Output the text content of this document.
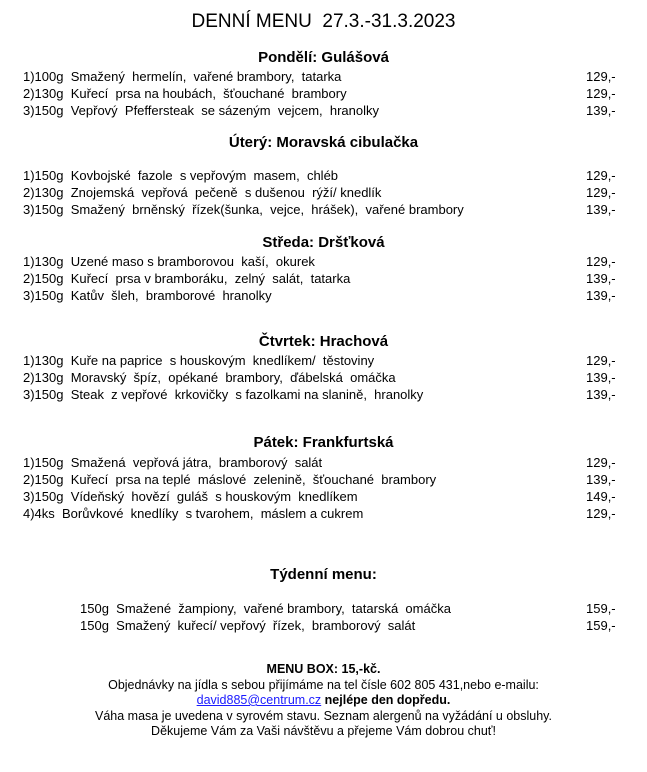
DENNÍ MENU  27.3.-31.3.2023
Pondělí: Gulášová
1)100g  Smažený  hermelín,  vařené brambory,  tatarka	129,-
2)130g  Kuřecí  prsa na houbách,  šťouchané  brambory	129,-
3)150g  Vepřový  Pfeffersteak  se sázeným  vejcem,  hranolky	139,-
Úterý: Moravská cibulačka
1)150g  Kovbojské  fazole  s vepřovým  masem,  chléb	129,-
2)130g  Znojemská  vepřová  pečeně  s dušenou  rýží/ knedlík	129,-
3)150g  Smažený  brněnský  řízek(šunka,  vejce,  hrášek),  vařené brambory	139,-
Středa: Dršťková
1)130g  Uzené maso s bramborovou  kaší,  okurek	129,-
2)150g  Kuřecí  prsa v bramboráku,  zelný  salát,  tatarka	139,-
3)150g  Katův  šleh,  bramborové  hranolky	139,-
Čtvrtek: Hrachová
1)130g  Kuře na paprice  s houskovým  knedlíkem/  těstoviny	129,-
2)130g  Moravský  špíz,  opékané  brambory,  ďábelská  omáčka	139,-
3)150g  Steak  z vepřové  krkovičky  s fazolkami na slanině,  hranolky	139,-
Pátek: Frankfurtská
1)150g  Smažená  vepřová játra,  bramborový  salát	129,-
2)150g  Kuřecí  prsa na teplé  máslové  zelenině,  šťouchané  brambory	139,-
3)150g  Vídeňský  hovězí  guláš  s houskovým  knedlíkem	149,-
4)4ks  Borůvkové  knedlíky  s tvarohem,  máslem a cukrem	129,-
Týdenní menu:
150g  Smažené  žampiony,  vařené brambory,  tatarská  omáčka	159,-
150g  Smažený  kuřecí/ vepřový  řízek,  bramborový  salát	159,-
MENU BOX: 15,-kč.
Objednávky na jídla s sebou přijímáme na tel čísle 602 805 431,nebo e-mailu:
david885@centrum.cz nejlépe den dopředu.
Váha masa je uvedena v syrovém stavu. Seznam alergenů na vyžádání u obsluhy.
Děkujeme Vám za Vaši návštěvu a přejeme Vám dobrou chuť!
